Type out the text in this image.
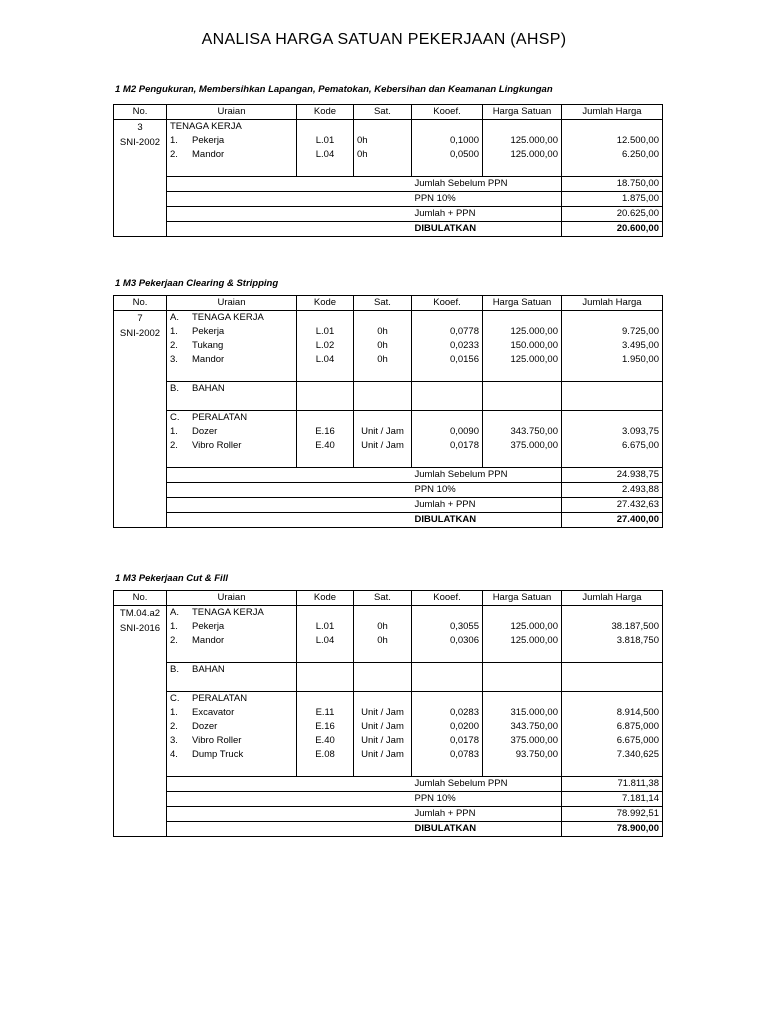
ANALISA HARGA SATUAN PEKERJAAN (AHSP)
1 M2 Pengukuran, Membersihkan Lapangan, Pematokan, Kebersihan dan Keamanan Lingkungan
No.	Uraian	Kode	Sat.	Kooef.	Harga Satuan	Jumlah Harga

3
SNI-2002	TENAGA KERJA					
	1. Pekerja	L.01	0h	0,1000	125.000,00	12.500,00
	2. Mandor	L.04	0h	0,0500	125.000,00	6.250,00

				Jumlah Sebelum PPN		18.750,00
				PPN 10%		1.875,00
				Jumlah + PPN		20.625,00
				DIBULATKAN		20.600,00
1 M3 Pekerjaan Clearing & Stripping
No.	Uraian	Kode	Sat.	Kooef.	Harga Satuan	Jumlah Harga

7
SNI-2002	A. TENAGA KERJA					
	1. Pekerja	L.01	0h	0,0778	125.000,00	9.725,00
	2. Tukang	L.02	0h	0,0233	150.000,00	3.495,00
	3. Mandor	L.04	0h	0,0156	125.000,00	1.950,00

	B. BAHAN					

	C. PERALATAN					
	1. Dozer	E.16	Unit / Jam	0,0090	343.750,00	3.093,75
	2. Vibro Roller	E.40	Unit / Jam	0,0178	375.000,00	6.675,00

				Jumlah Sebelum PPN		24.938,75
				PPN 10%		2.493,88
				Jumlah + PPN		27.432,63
				DIBULATKAN		27.400,00
1 M3 Pekerjaan Cut & Fill
No.	Uraian	Kode	Sat.	Kooef.	Harga Satuan	Jumlah Harga

TM.04.a2
SNI-2016	A. TENAGA KERJA					
	1. Pekerja	L.01	0h	0,3055	125.000,00	38.187,500
	2. Mandor	L.04	0h	0,0306	125.000,00	3.818,750

	B. BAHAN					

	C. PERALATAN					
	1. Excavator	E.11	Unit / Jam	0,0283	315.000,00	8.914,500
	2. Dozer	E.16	Unit / Jam	0,0200	343.750,00	6.875,000
	3. Vibro Roller	E.40	Unit / Jam	0,0178	375.000,00	6.675,000
	4. Dump Truck	E.08	Unit / Jam	0,0783	93.750,00	7.340,625

				Jumlah Sebelum PPN		71.811,38
				PPN 10%		7.181,14
				Jumlah + PPN		78.992,51
				DIBULATKAN		78.900,00
